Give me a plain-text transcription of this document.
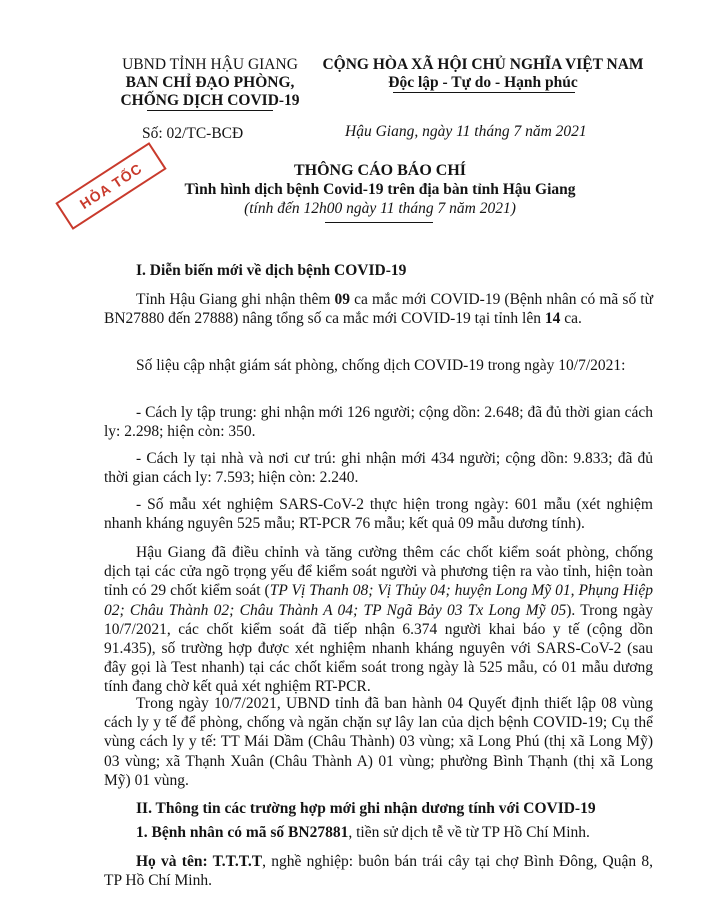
UBND TỈNH HẬU GIANG
BAN CHỈ ĐẠO PHÒNG,
CHỐNG DỊCH COVID-19
Số: 02/TC-BCĐ
CỘNG HÒA XÃ HỘI CHỦ NGHĨA VIỆT NAM
Độc lập - Tự do - Hạnh phúc
Hậu Giang, ngày 11 tháng 7 năm 2021
HỎA TỐC	THÔNG CÁO BÁO CHÍ
Tình hình dịch bệnh Covid-19 trên địa bàn tỉnh Hậu Giang
(tính đến 12h00 ngày 11 tháng 7 năm 2021)
I. Diễn biến mới về dịch bệnh COVID-19
Tỉnh Hậu Giang ghi nhận thêm 09 ca mắc mới COVID-19 (Bệnh nhân có mã số từ BN27880 đến 27888) nâng tổng số ca mắc mới COVID-19 tại tỉnh lên 14 ca.
Số liệu cập nhật giám sát phòng, chống dịch COVID-19 trong ngày 10/7/2021:
- Cách ly tập trung: ghi nhận mới 126 người; cộng dồn: 2.648; đã đủ thời gian cách ly: 2.298; hiện còn: 350.
- Cách ly tại nhà và nơi cư trú: ghi nhận mới 434 người; cộng dồn: 9.833; đã đủ thời gian cách ly: 7.593; hiện còn: 2.240.
- Số mẫu xét nghiệm SARS-CoV-2 thực hiện trong ngày: 601 mẫu (xét nghiệm nhanh kháng nguyên 525 mẫu; RT-PCR 76 mẫu; kết quả 09 mẫu dương tính).
Hậu Giang đã điều chỉnh và tăng cường thêm các chốt kiểm soát phòng, chống dịch tại các cửa ngõ trọng yếu để kiểm soát người và phương tiện ra vào tỉnh, hiện toàn tỉnh có 29 chốt kiểm soát (TP Vị Thanh 08; Vị Thủy 04; huyện Long Mỹ 01, Phụng Hiệp 02; Châu Thành 02; Châu Thành A 04; TP Ngã Bảy 03 Tx Long Mỹ 05). Trong ngày 10/7/2021, các chốt kiểm soát đã tiếp nhận 6.374 người khai báo y tế (cộng dồn 91.435), số trường hợp được xét nghiệm nhanh kháng nguyên với SARS-CoV-2 (sau đây gọi là Test nhanh) tại các chốt kiểm soát trong ngày là 525 mẫu, có 01 mẫu dương tính đang chờ kết quả xét nghiệm RT-PCR.
Trong ngày 10/7/2021, UBND tỉnh đã ban hành 04 Quyết định thiết lập 08 vùng cách ly y tế để phòng, chống và ngăn chặn sự lây lan của dịch bệnh COVID-19; Cụ thể vùng cách ly y tế: TT Mái Dầm (Châu Thành) 03 vùng; xã Long Phú (thị xã Long Mỹ) 03 vùng; xã Thạnh Xuân (Châu Thành A) 01 vùng; phường Bình Thạnh (thị xã Long Mỹ) 01 vùng.
II. Thông tin các trường hợp mới ghi nhận dương tính với COVID-19
1. Bệnh nhân có mã số BN27881, tiền sử dịch tễ về từ TP Hồ Chí Minh.
Họ và tên: T.T.T.T, nghề nghiệp: buôn bán trái cây tại chợ Bình Đông, Quận 8, TP Hồ Chí Minh.
